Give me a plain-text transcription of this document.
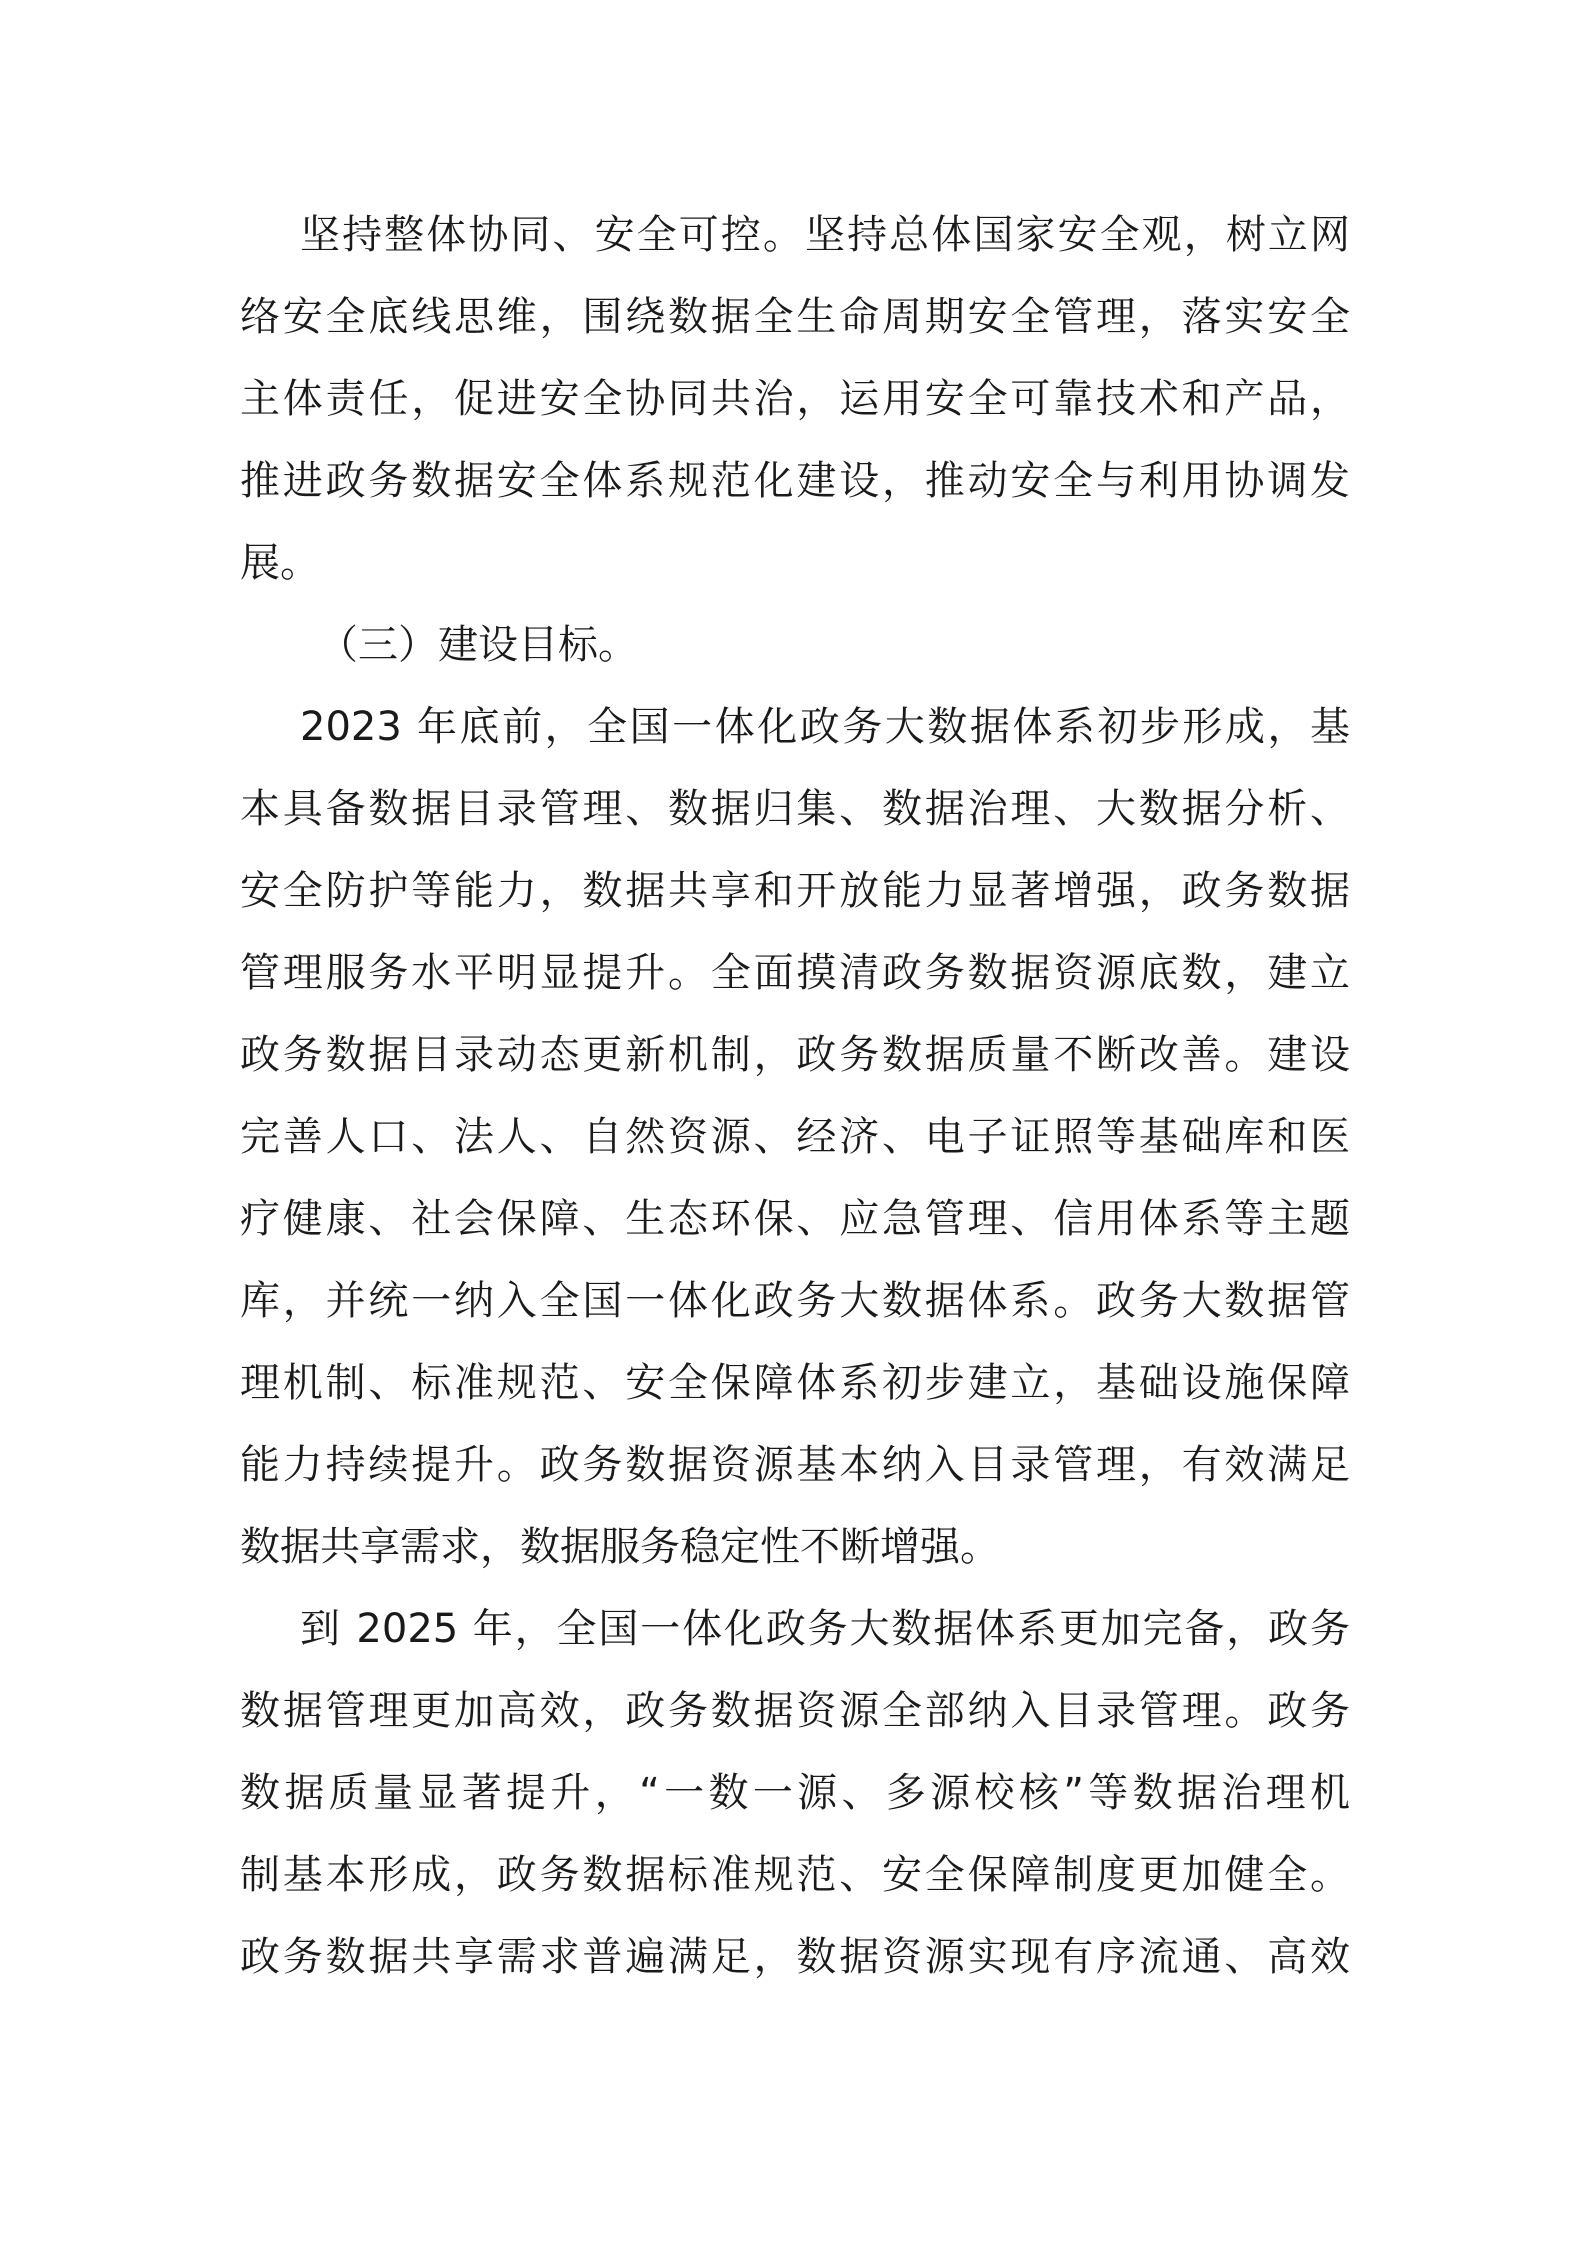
坚持整体协同、安全可控。坚持总体国家安全观，树立网
络安全底线思维，围绕数据全生命周期安全管理，落实安全
主体责任，促进安全协同共治，运用安全可靠技术和产品，
推进政务数据安全体系规范化建设，推动安全与利用协调发
展。
（三）建设目标。
2023 年底前，全国一体化政务大数据体系初步形成，基
本具备数据目录管理、数据归集、数据治理、大数据分析、
安全防护等能力，数据共享和开放能力显著增强，政务数据
管理服务水平明显提升。全面摸清政务数据资源底数，建立
政务数据目录动态更新机制，政务数据质量不断改善。建设
完善人口、法人、自然资源、经济、电子证照等基础库和医
疗健康、社会保障、生态环保、应急管理、信用体系等主题
库，并统一纳入全国一体化政务大数据体系。政务大数据管
理机制、标准规范、安全保障体系初步建立，基础设施保障
能力持续提升。政务数据资源基本纳入目录管理，有效满足
数据共享需求，数据服务稳定性不断增强。
到 2025 年，全国一体化政务大数据体系更加完备，政务
数据管理更加高效，政务数据资源全部纳入目录管理。政务
数据质量显著提升，“一数一源、多源校核”等数据治理机
制基本形成，政务数据标准规范、安全保障制度更加健全。
政务数据共享需求普遍满足，数据资源实现有序流通、高效
